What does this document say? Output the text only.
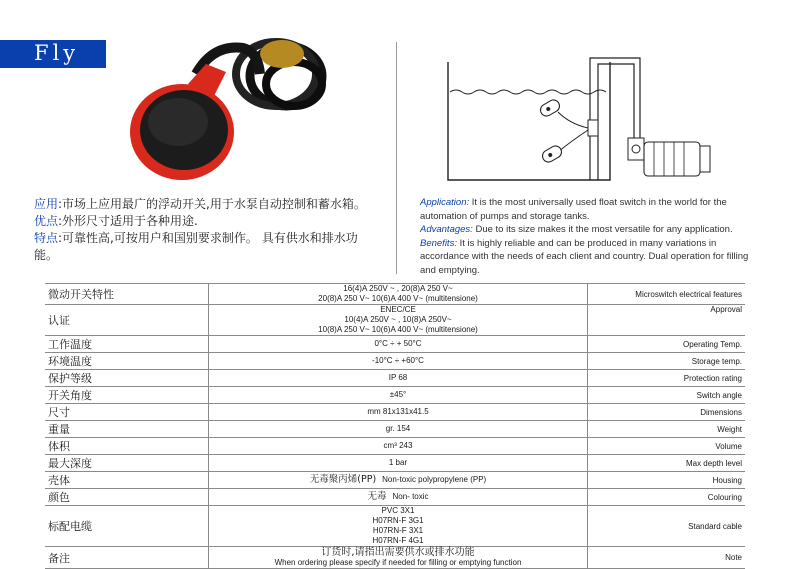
Fly
应用:市场上应用最广的浮动开关,用于水泵自动控制和蓄水箱。
优点:外形尺寸适用于各种用途.
特点:可靠性高,可按用户和国别要求制作。 具有供水和排水功能。
Application: It is the most universally used float switch in the world for the automation of pumps and storage tanks.
Advantages: Due to its size makes it the most versatile for any application.
Benefits: It is highly reliable and can be produced in many variations in accordance with the needs of each client and country. Dual operation for filling and emptying.
微动开关特性	16(4)A 250V ~ , 20(8)A 250 V~
20(8)A 250 V~ 10(6)A 400 V~ (multitensione)	Microswitch electrical features
认证	ENEC/CE
10(4)A 250V ~ , 10(8)A 250V~
10(8)A 250 V~ 10(6)A 400 V~ (multitensione)	Approval
工作温度	0°C ÷ + 50°C	Operating Temp.
环境温度	-10°C ÷ +60°C	Storage temp.
保护等级	IP 68	Protection rating
开关角度	±45°	Switch angle
尺寸	mm 81x131x41.5	Dimensions
重量	gr. 154	Weight
体积	cm³ 243	Volume
最大深度	1 bar	Max depth level
壳体	无毒聚丙烯(PP) Non-toxic polypropylene (PP)	Housing
颜色	无毒 Non- toxic	Colouring
标配电缆	PVC 3X1
H07RN-F 3G1
H07RN-F 3X1
H07RN-F 4G1	Standard cable
备注	订货时,请指出需要供水或排水功能
When ordering please specify if needed for filling or emptying function	Note
